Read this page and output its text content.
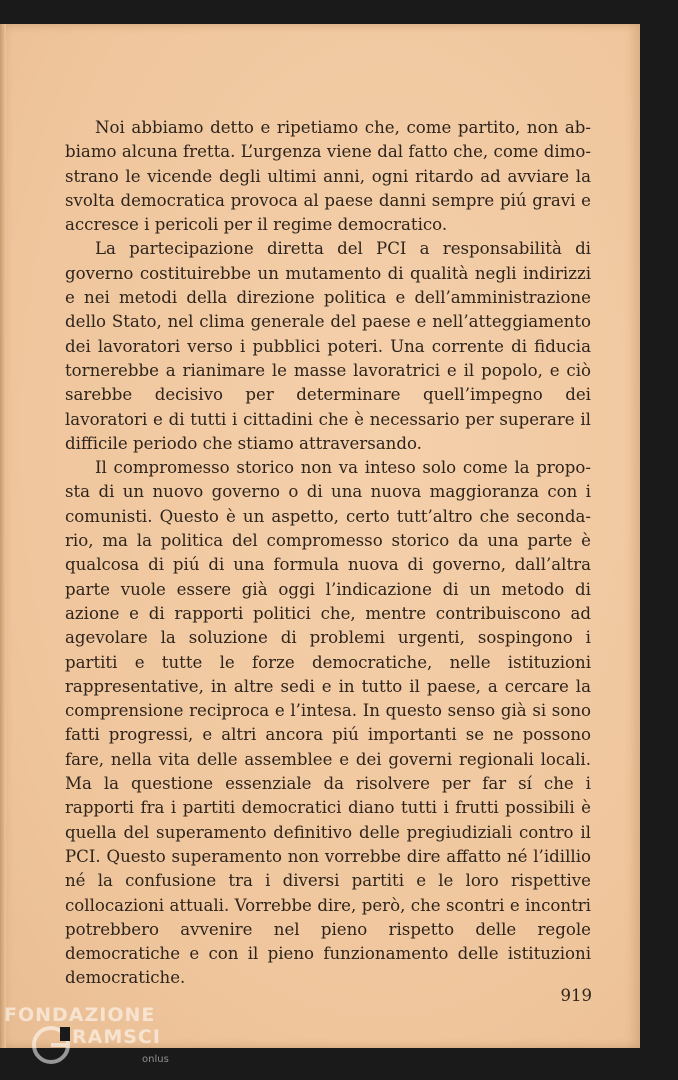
Noi abbiamo detto e ripetiamo che, come partito, non abbiamo alcuna fretta. L’urgenza viene dal fatto che, come dimostrano le vicende degli ultimi anni, ogni ritardo ad avviare la svolta democratica provoca al paese danni sempre piú gravi e accresce i pericoli per il regime democratico.

La partecipazione diretta del PCI a responsabilità di governo costituirebbe un mutamento di qualità negli indirizzi e nei metodi della direzione politica e dell’amministrazione dello Stato, nel clima generale del paese e nell’atteggiamento dei lavoratori verso i pubblici poteri. Una corrente di fiducia tornerebbe a rianimare le masse lavoratrici e il popolo, e ciò sarebbe decisivo per determinare quell’impegno dei lavoratori e di tutti i cittadini che è necessario per superare il difficile periodo che stiamo attraversando.

Il compromesso storico non va inteso solo come la proposta di un nuovo governo o di una nuova maggioranza con i comunisti. Questo è un aspetto, certo tutt’altro che secondario, ma la politica del compromesso storico da una parte è qualcosa di piú di una formula nuova di governo, dall’altra parte vuole essere già oggi l’indicazione di un metodo di azione e di rapporti politici che, mentre contribuiscono ad agevolare la soluzione di problemi urgenti, sospingono i partiti e tutte le forze democratiche, nelle istituzioni rappresentative, in altre sedi e in tutto il paese, a cercare la comprensione reciproca e l’intesa. In questo senso già si sono fatti progressi, e altri ancora piú importanti se ne possono fare, nella vita delle assemblee e dei governi regionali locali. Ma la questione essenziale da risolvere per far sí che i rapporti fra i partiti democratici diano tutti i frutti possibili è quella del superamento definitivo delle pregiudiziali contro il PCI. Questo superamento non vorrebbe dire affatto né l’idillio né la confusione tra i diversi partiti e le loro rispettive collocazioni attuali. Vorrebbe dire, però, che scontri e incontri potrebbero avvenire nel pieno rispetto delle regole democratiche e con il pieno funzionamento delle istituzioni democratiche.

919
FONDAZIONE
RAMSCI
onlus
